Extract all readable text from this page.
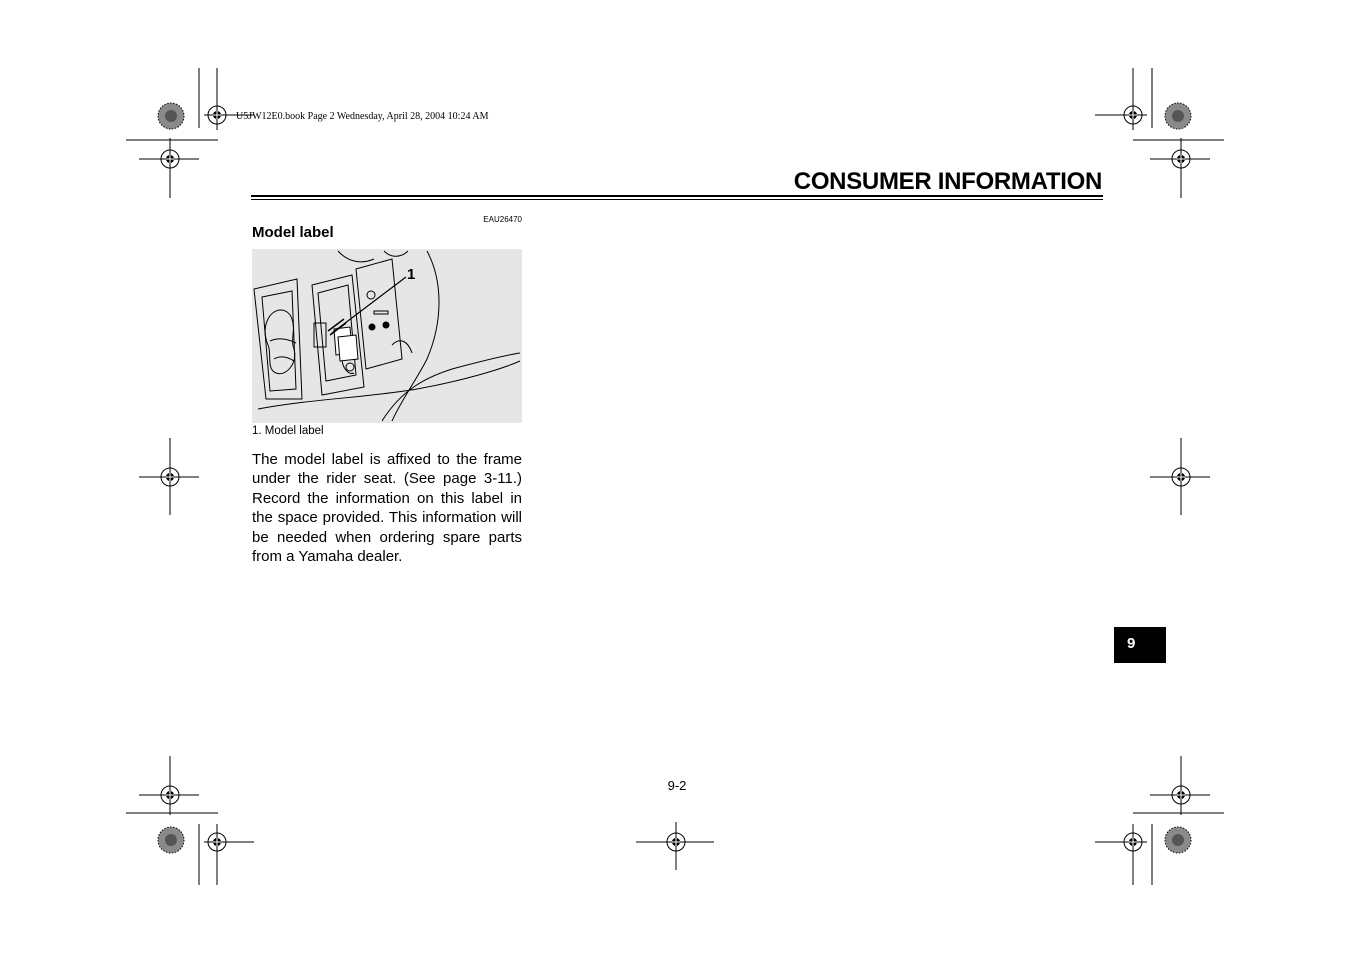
U5JW12E0.book Page 2 Wednesday, April 28, 2004 10:24 AM
CONSUMER INFORMATION
EAU26470
Model label
1
1. Model label
The model label is affixed to the frame under the rider seat. (See page 3-11.) Record the information on this label in the space provided. This information will be needed when ordering spare parts from a Yamaha dealer.
9
9-2
